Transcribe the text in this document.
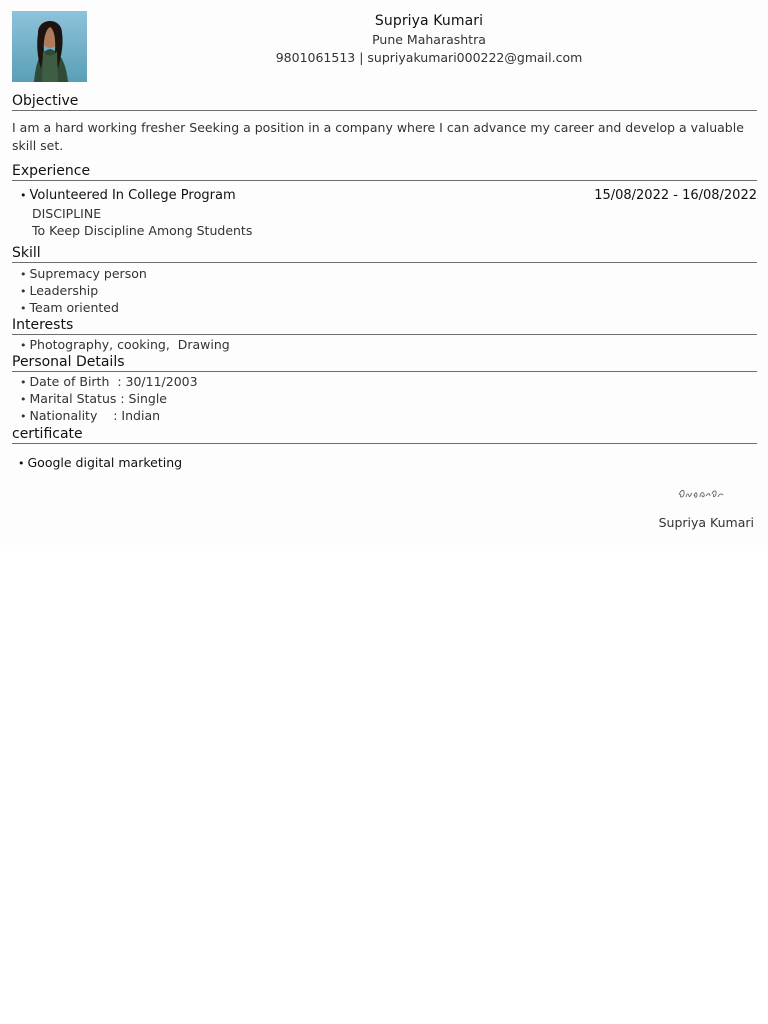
Supriya Kumari
Pune Maharashtra
9801061513 | supriyakumari000222@gmail.com
Objective
I am a hard working fresher Seeking a position in a company where I can advance my career and develop a valuable skill set.
Experience
• Volunteered In College Program	15/08/2022 - 16/08/2022
DISCIPLINE
To Keep Discipline Among Students
Skill
• Supremacy person
• Leadership
• Team oriented
Interests
• Photography, cooking,  Drawing
Personal Details
• Date of Birth  : 30/11/2003
• Marital Status : Single
• Nationality    : Indian
certificate
• Google digital marketing
Supriya Kumari
